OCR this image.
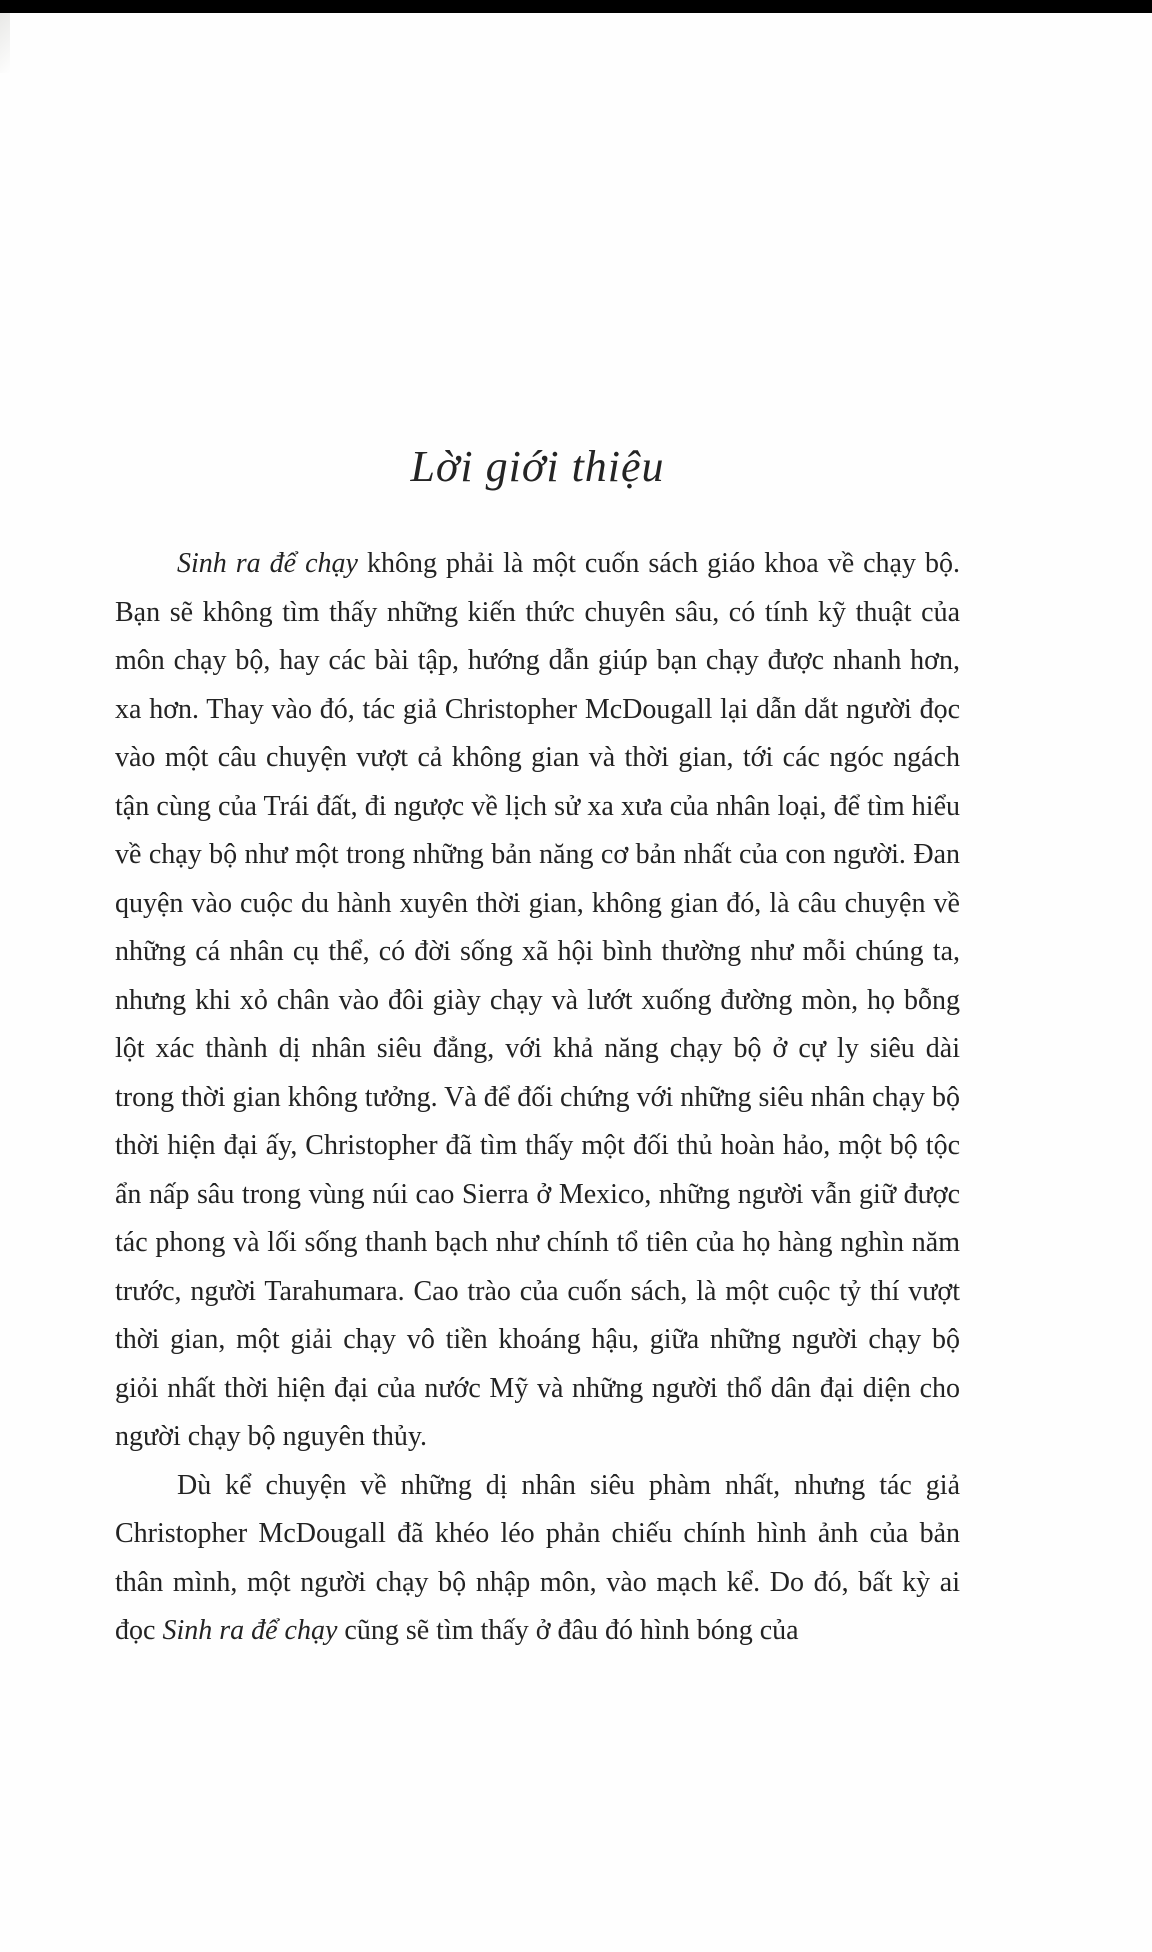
Lời giới thiệu

Sinh ra để chạy không phải là một cuốn sách giáo khoa về chạy bộ. Bạn sẽ không tìm thấy những kiến thức chuyên sâu, có tính kỹ thuật của môn chạy bộ, hay các bài tập, hướng dẫn giúp bạn chạy được nhanh hơn, xa hơn. Thay vào đó, tác giả Christopher McDougall lại dẫn dắt người đọc vào một câu chuyện vượt cả không gian và thời gian, tới các ngóc ngách tận cùng của Trái đất, đi ngược về lịch sử xa xưa của nhân loại, để tìm hiểu về chạy bộ như một trong những bản năng cơ bản nhất của con người. Đan quyện vào cuộc du hành xuyên thời gian, không gian đó, là câu chuyện về những cá nhân cụ thể, có đời sống xã hội bình thường như mỗi chúng ta, nhưng khi xỏ chân vào đôi giày chạy và lướt xuống đường mòn, họ bỗng lột xác thành dị nhân siêu đẳng, với khả năng chạy bộ ở cự ly siêu dài trong thời gian không tưởng. Và để đối chứng với những siêu nhân chạy bộ thời hiện đại ấy, Christopher đã tìm thấy một đối thủ hoàn hảo, một bộ tộc ẩn nấp sâu trong vùng núi cao Sierra ở Mexico, những người vẫn giữ được tác phong và lối sống thanh bạch như chính tổ tiên của họ hàng nghìn năm trước, người Tarahumara. Cao trào của cuốn sách, là một cuộc tỷ thí vượt thời gian, một giải chạy vô tiền khoáng hậu, giữa những người chạy bộ giỏi nhất thời hiện đại của nước Mỹ và những người thổ dân đại diện cho người chạy bộ nguyên thủy.

Dù kể chuyện về những dị nhân siêu phàm nhất, nhưng tác giả Christopher McDougall đã khéo léo phản chiếu chính hình ảnh của bản thân mình, một người chạy bộ nhập môn, vào mạch kể. Do đó, bất kỳ ai đọc Sinh ra để chạy cũng sẽ tìm thấy ở đâu đó hình bóng của
